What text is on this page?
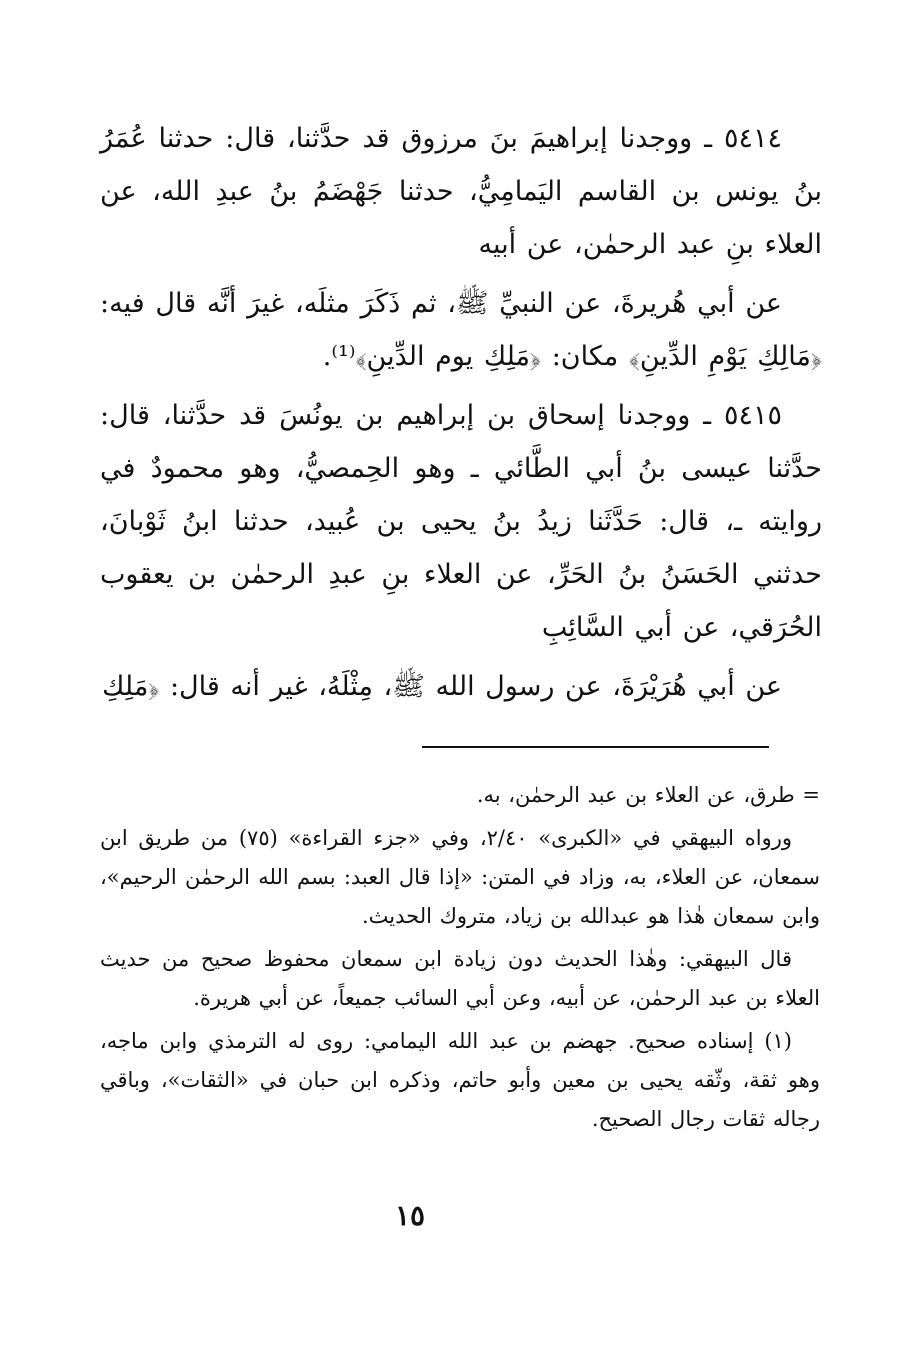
٥٤١٤ ـ ووجدنا إبراهيمَ بنَ مرزوق قد حدَّثنا، قال: حدثنا عُمَرُ بنُ يونس بن القاسم اليَمامِيُّ، حدثنا جَهْضَمُ بنُ عبدِ الله، عن العلاء بنِ عبد الرحمٰن، عن أبيه

عن أبي هُريرةَ، عن النبيِّ ﷺ، ثم ذَكَرَ مثلَه، غيرَ أنَّه قال فيه: ﴿مَالِكِ يَوْمِ الدِّينِ﴾ مكان: ﴿مَلِكِ يوم الدِّينِ﴾⁽¹⁾.

٥٤١٥ ـ ووجدنا إسحاق بن إبراهيم بن يونُسَ قد حدَّثنا، قال: حدَّثنا عيسى بنُ أبي الطَّائي ـ وهو الحِمصيُّ، وهو محمودٌ في روايته ـ، قال: حَدَّثَنا زيدُ بنُ يحيى بن عُبيد، حدثنا ابنُ ثَوْبانَ، حدثني الحَسَنُ بنُ الحَرِّ، عن العلاء بنِ عبدِ الرحمٰن بن يعقوب الحُرَقي، عن أبي السَّائِبِ

عن أبي هُرَيْرَةَ، عن رسول الله ﷺ، مِثْلَهُ، غير أنه قال: ﴿مَلِكِ

= طرق، عن العلاء بن عبد الرحمٰن، به.

ورواه البيهقي في «الكبرى» ٢/٤٠، وفي «جزء القراءة» (٧٥) من طريق ابن سمعان، عن العلاء، به، وزاد في المتن: «إذا قال العبد: بسم الله الرحمٰن الرحيم»، وابن سمعان هٰذا هو عبدالله بن زياد، متروك الحديث.

قال البيهقي: وهٰذا الحديث دون زيادة ابن سمعان محفوظ صحيح من حديث العلاء بن عبد الرحمٰن، عن أبيه، وعن أبي السائب جميعاً، عن أبي هريرة.

(١) إسناده صحيح. جهضم بن عبد الله اليمامي: روى له الترمذي وابن ماجه، وهو ثقة، وثّقه يحيى بن معين وأبو حاتم، وذكره ابن حبان في «الثقات»، وباقي رجاله ثقات رجال الصحيح.

١٥
